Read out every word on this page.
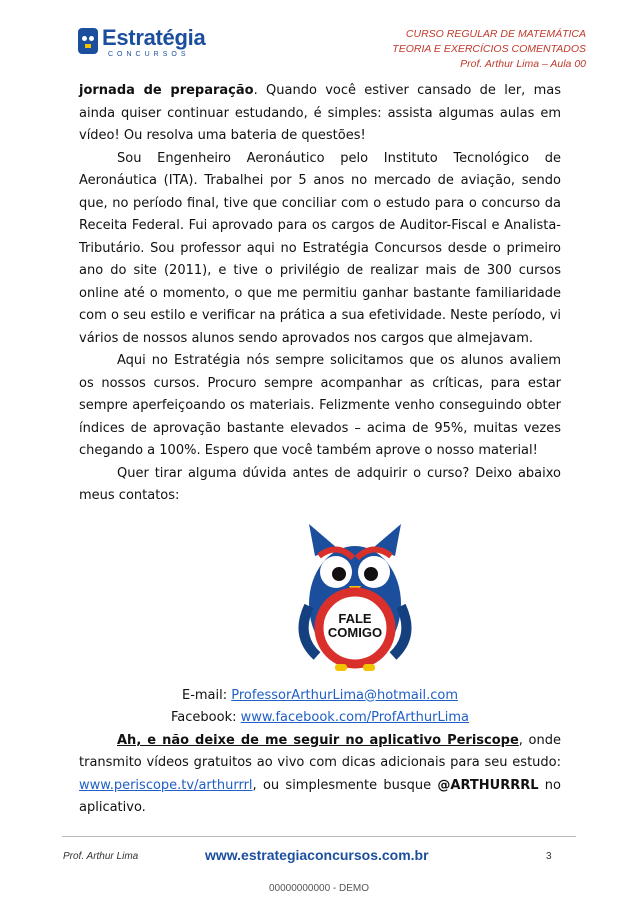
Estratégia
CONCURSOS
CURSO REGULAR DE MATEMÁTICA
TEORIA E EXERCÍCIOS COMENTADOS
Prof. Arthur Lima – Aula 00

jornada de preparação. Quando você estiver cansado de ler, mas ainda quiser continuar estudando, é simples: assista algumas aulas em vídeo! Ou resolva uma bateria de questões!

Sou Engenheiro Aeronáutico pelo Instituto Tecnológico de Aeronáutica (ITA). Trabalhei por 5 anos no mercado de aviação, sendo que, no período final, tive que conciliar com o estudo para o concurso da Receita Federal. Fui aprovado para os cargos de Auditor-Fiscal e Analista-Tributário. Sou professor aqui no Estratégia Concursos desde o primeiro ano do site (2011), e tive o privilégio de realizar mais de 300 cursos online até o momento, o que me permitiu ganhar bastante familiaridade com o seu estilo e verificar na prática a sua efetividade. Neste período, vi vários de nossos alunos sendo aprovados nos cargos que almejavam.

Aqui no Estratégia nós sempre solicitamos que os alunos avaliem os nossos cursos. Procuro sempre acompanhar as críticas, para estar sempre aperfeiçoando os materiais. Felizmente venho conseguindo obter índices de aprovação bastante elevados – acima de 95%, muitas vezes chegando a 100%. Espero que você também aprove o nosso material!

Quer tirar alguma dúvida antes de adquirir o curso? Deixo abaixo meus contatos:

FALE
COMIGO

E-mail: ProfessorArthurLima@hotmail.com

Facebook: www.facebook.com/ProfArthurLima

Ah, e não deixe de me seguir no aplicativo Periscope, onde transmito vídeos gratuitos ao vivo com dicas adicionais para seu estudo: www.periscope.tv/arthurrrl, ou simplesmente busque @ARTHURRRL no aplicativo.

Prof. Arthur Lima	www.estrategiaconcursos.com.br	3
00000000000 - DEMO
